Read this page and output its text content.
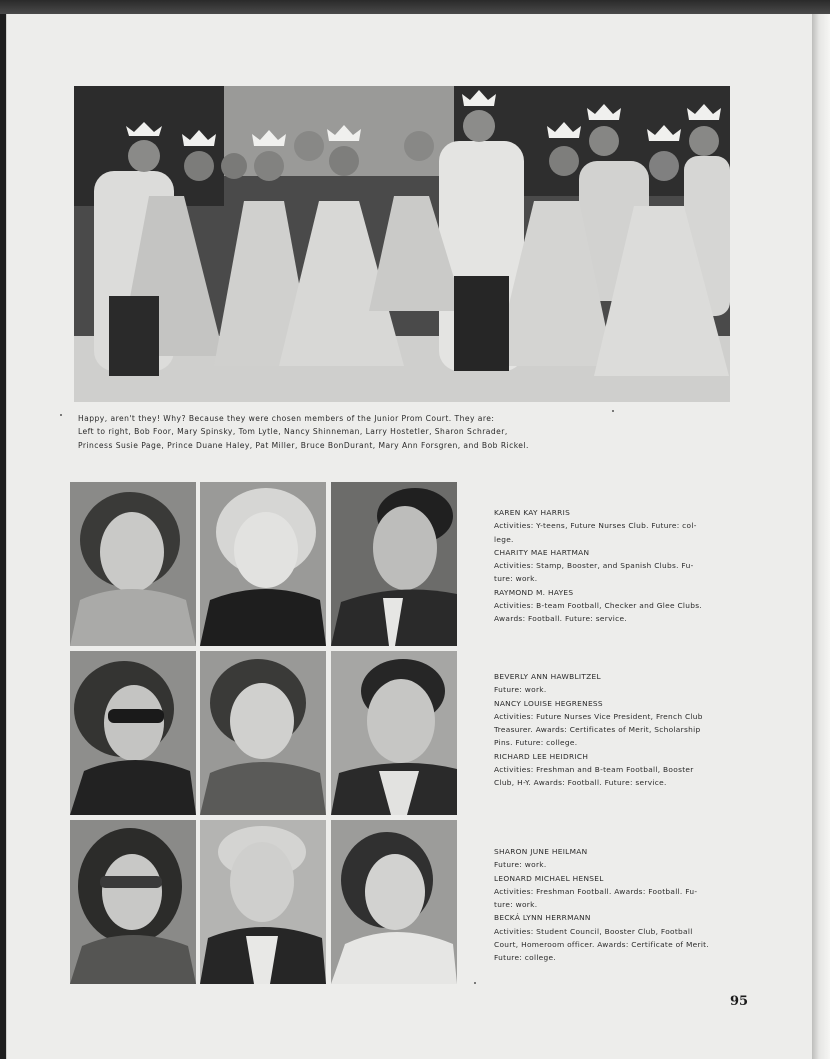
Happy, aren't they! Why? Because they were chosen members of the Junior Prom Court. They are:
Left to right, Bob Foor, Mary Spinsky, Tom Lytle, Nancy Shinneman, Larry Hostetler, Sharon Schrader,
Princess Susie Page, Prince Duane Haley, Pat Miller, Bruce BonDurant, Mary Ann Forsgren, and Bob Rickel.
KAREN KAY HARRIS
Activities: Y-teens, Future Nurses Club. Future: col-
lege.
CHARITY MAE HARTMAN
Activities: Stamp, Booster, and Spanish Clubs. Fu-
ture: work.
RAYMOND M. HAYES
Activities: B-team Football, Checker and Glee Clubs.
Awards: Football. Future: service.
BEVERLY ANN HAWBLITZEL
Future: work.
NANCY LOUISE HEGRENESS
Activities: Future Nurses Vice President, French Club
Treasurer. Awards: Certificates of Merit, Scholarship
Pins. Future: college.
RICHARD LEE HEIDRICH
Activities: Freshman and B-team Football, Booster
Club, H-Y. Awards: Football. Future: service.
SHARON JUNE HEILMAN
Future: work.
LEONARD MICHAEL HENSEL
Activities: Freshman Football. Awards: Football. Fu-
ture: work.
BECKÁ LYNN HERRMANN
Activities: Student Council, Booster Club, Football
Court, Homeroom officer. Awards: Certificate of Merit.
Future: college.
95
